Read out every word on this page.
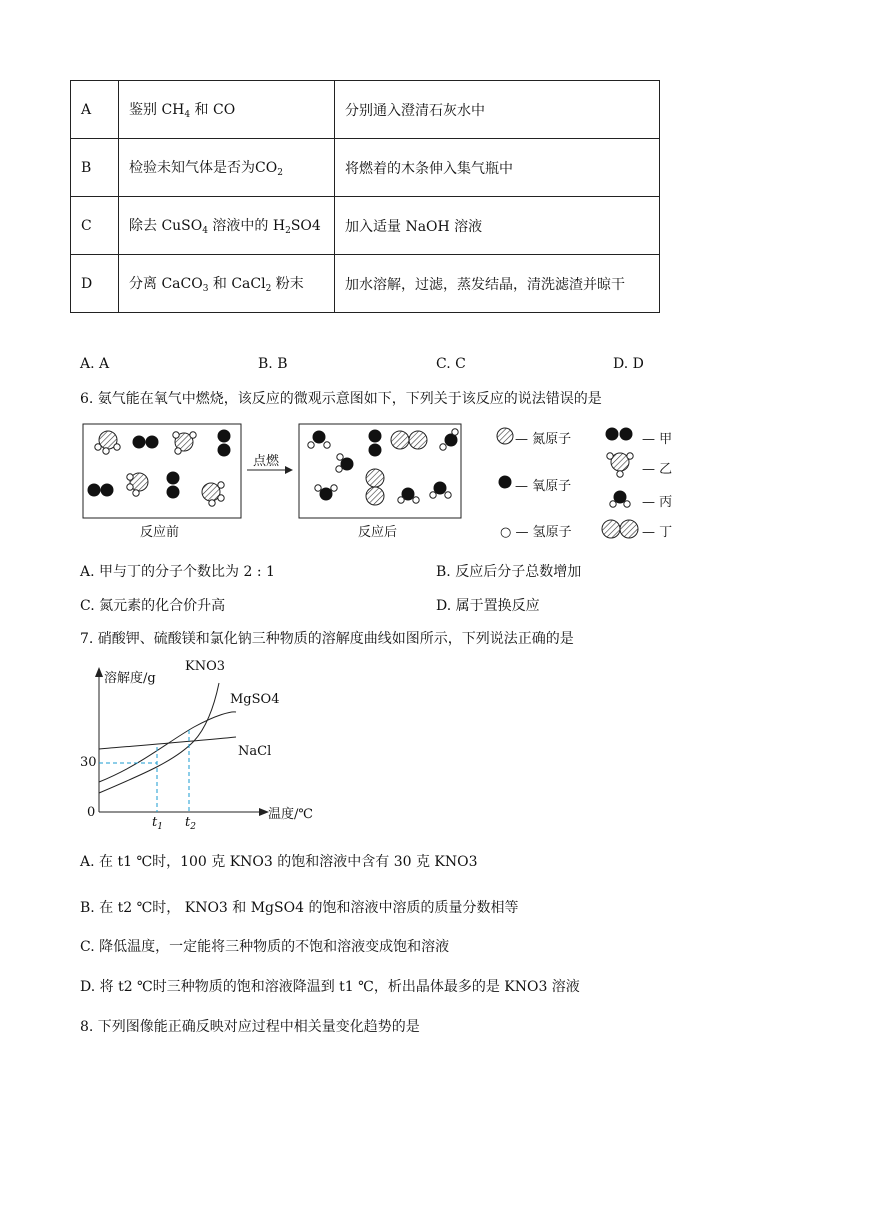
A	鉴别 $CH_4$ 和 CO	分别通入澄清石灰水中
B	检验未知气体是否为$CO_2$	将燃着的木条伸入集气瓶中
C	除去 CuSO$_4$ 溶液中的 $H_2SO4$	加入适量 NaOH 溶液
D	分离 CaCO$_3$ 和 CaCl$_2$ 粉末	加水溶解，过滤，蒸发结晶，清洗滤渣并晾干
A. A	B. B	C. C	D. D
6. 氨气能在氧气中燃烧，该反应的微观示意图如下，下列关于该反应的说法错误的是
点燃
反应前	反应后
— 氮原子
— 氧原子
○ — 氢原子
— 甲
— 乙
— 丙
— 丁
A. 甲与丁的分子个数比为 2 : 1	B. 反应后分子总数增加
C. 氮元素的化合价升高	D. 属于置换反应
7. 硝酸钾、硫酸镁和氯化钠三种物质的溶解度曲线如图所示，下列说法正确的是
溶解度/g
温度/℃
30
0
$t_1$ $t_2$
KNO3
MgSO4
NaCl
A. 在 t1 ℃时，100 克 KNO3 的饱和溶液中含有 30 克 KNO3
B. 在 t2 ℃时， KNO3 和 MgSO4 的饱和溶液中溶质的质量分数相等
C. 降低温度，一定能将三种物质的不饱和溶液变成饱和溶液
D. 将 t2 ℃时三种物质的饱和溶液降温到 t1 ℃，析出晶体最多的是 KNO3 溶液
8. 下列图像能正确反映对应过程中相关量变化趋势的是
